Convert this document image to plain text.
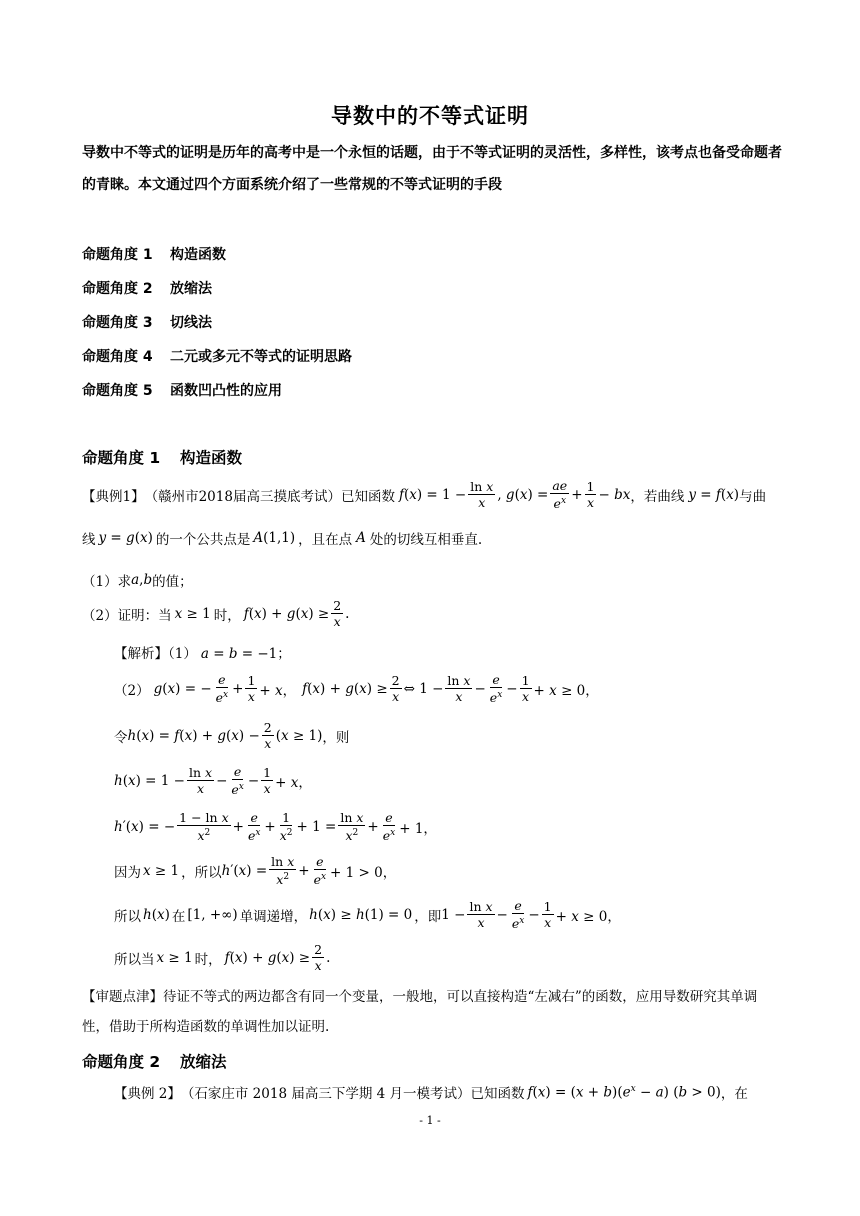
导数中的不等式证明
导数中不等式的证明是历年的高考中是一个永恒的话题，由于不等式证明的灵活性，多样性，该考点也备受命题者的青睐。本文通过四个方面系统介绍了一些常规的不等式证明的手段
命题角度 1 构造函数
命题角度 2 放缩法
命题角度 3 切线法
命题角度 4 二元或多元不等式的证明思路
命题角度 5 函数凹凸性的应用
命题角度 1 构造函数
【典例1】 （赣州市2018届高三摸底考试）已知函数 $f(x) = 1 - \frac{\text{ln x}}{x}$ , $g(x) = \frac{ae}{e^x} + \frac{1}{x}$ − bx ，若曲线 y = f(x) 与曲
线 y = g(x) 的一个公共点是 A(1,1) ，且在点 A 处的切线互相垂直.
（1）求 a , b 的值；
（2）证明：当 x ≥ 1 时， $f(x) + g(x) \ge \frac{2}{x}$ .
【解析】（1） a = b = −1；
（2） g(x) = − $\frac{e}{e^x} + \frac{1}{x} + x$， $f(x) + g(x) \ge \frac{2}{x}$ ⇔ $1 - \frac{\text{ln x}}{x} - \frac{e}{e^x} - \frac{1}{x} + x \ge 0$，
令 $h(x) = f(x) + g(x) - \frac{2}{x} (x \ge 1)$ ，则
$h(x) = 1 - \frac{\text{ln x}}{x} - \frac{e}{e^x} - \frac{1}{x} + x$，
h′(x) = − $\frac{\text{1 − ln x}}{x^2} + \frac{e}{e^x} + \frac{1}{x^2} + 1 = \frac{\text{ln x}}{x^2} + \frac{e}{e^x} + 1$，
因为 x ≥ 1 ，所以 $h'(x) = \frac{\text{ln x}}{x^2} + \frac{e}{e^x} + 1 > 0$，
所以 h(x) 在 [1, +∞) 单调递增， h(x) ≥ h(1) = 0 ，即 $1 - \frac{\text{ln x}}{x} - \frac{e}{e^x} - \frac{1}{x} + x \ge 0$，
所以当 x ≥ 1 时， $f(x) + g(x) \ge \frac{2}{x}$ .
【审题点津】待证不等式的两边都含有同一个变量，一般地，可以直接构造“左减右”的函数，应用导数研究其单调性，借助于所构造函数的单调性加以证明.
命题角度 2 放缩法
【典例 2】 （石家庄市 2018 届高三下学期 4 月一模考试）已知函数 $f(x) = (x + b)(e^x - a)$ (b > 0) ，在
- 1 -
